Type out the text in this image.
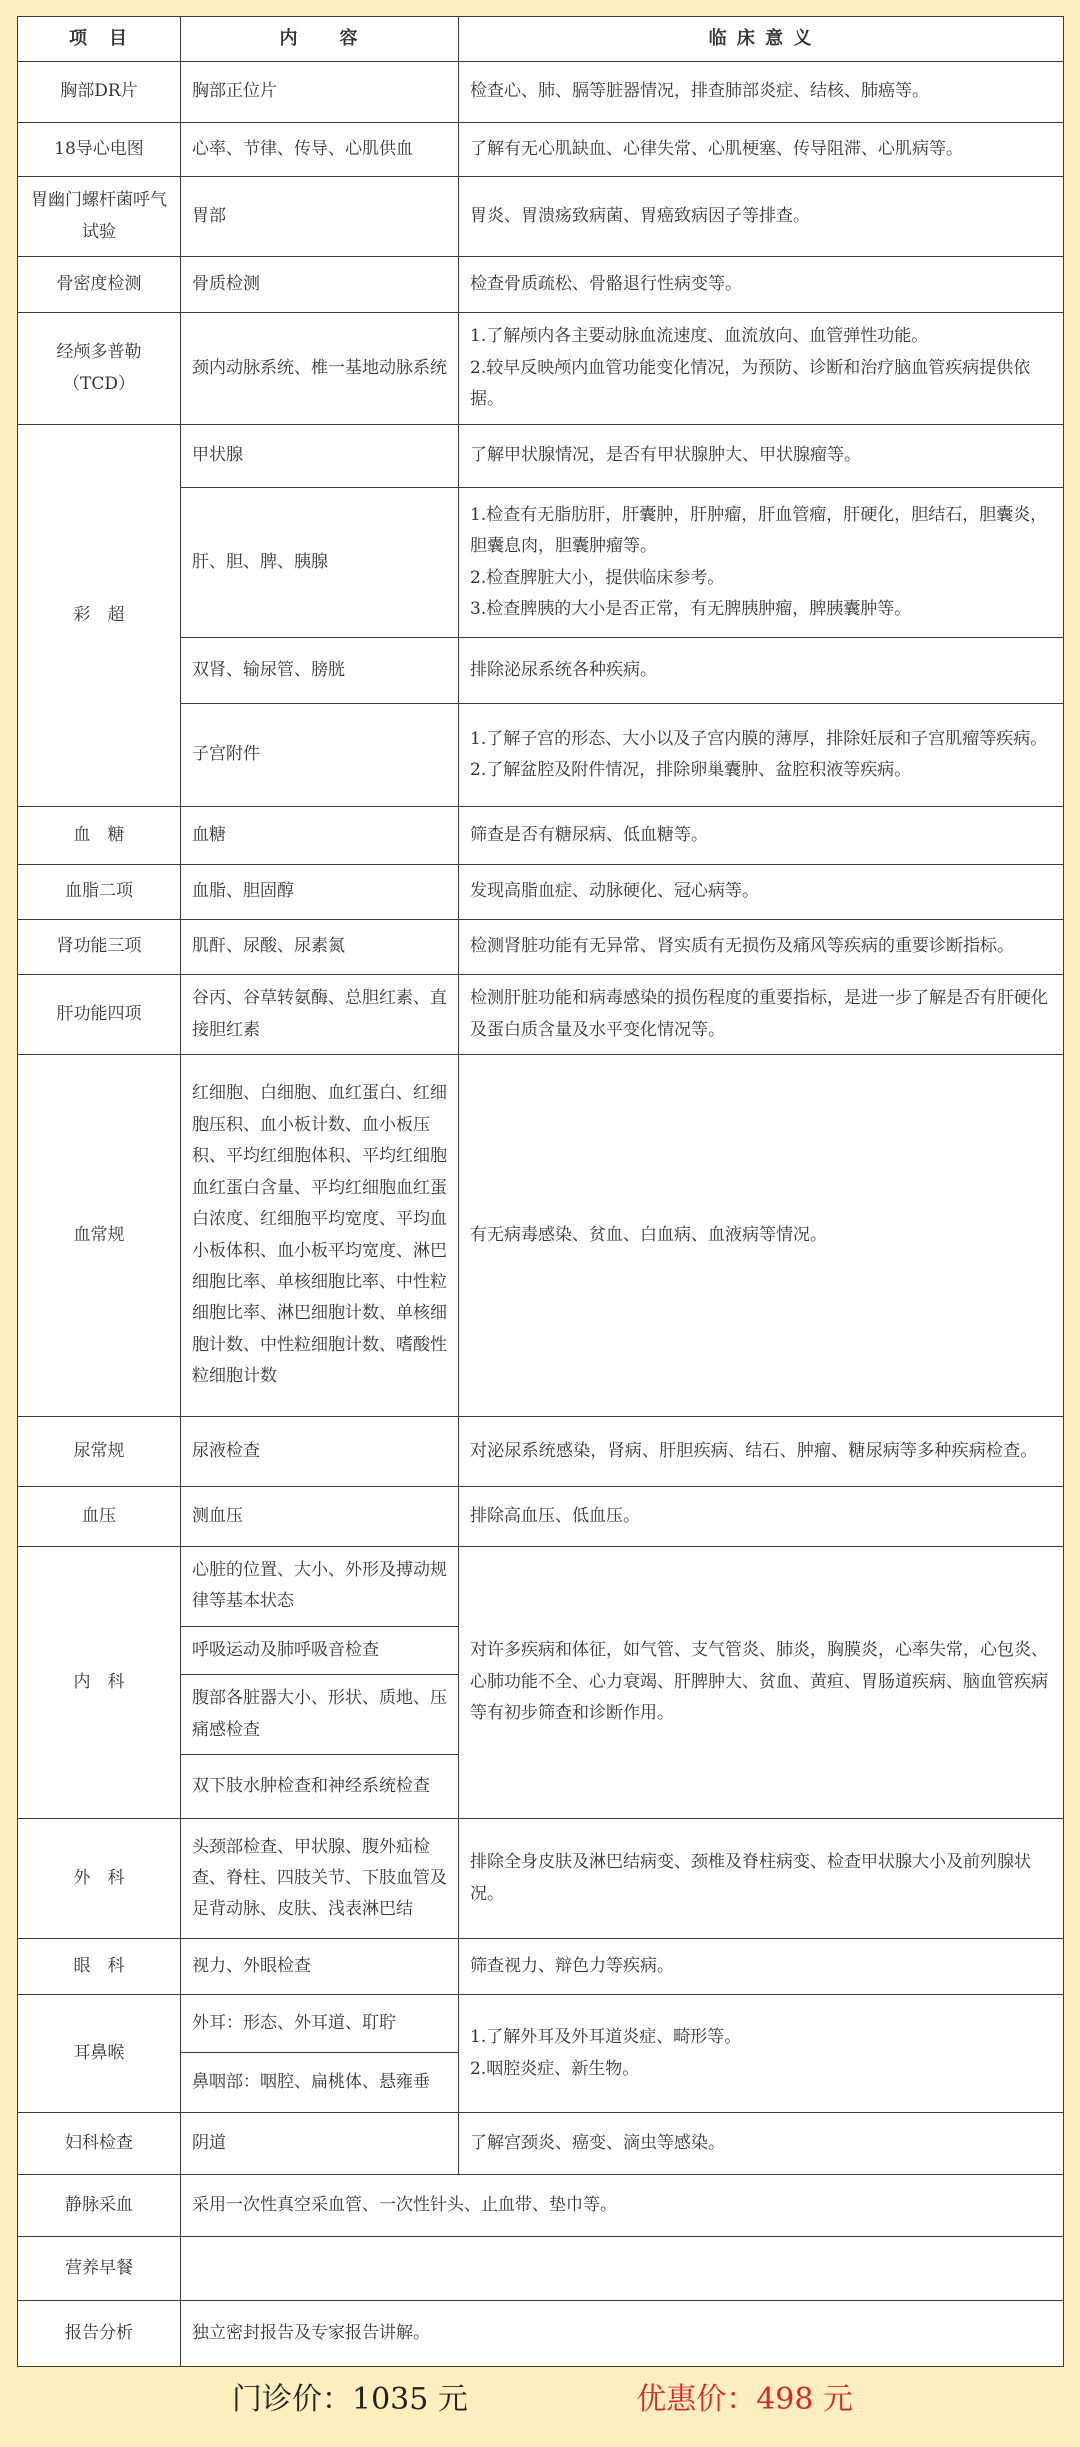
项　目	内　　容	临 床 意 义
胸部DR片	胸部正位片	检查心、肺、膈等脏器情况，排查肺部炎症、结核、肺癌等。
18导心电图	心率、节律、传导、心肌供血	了解有无心肌缺血、心律失常、心肌梗塞、传导阻滞、心肌病等。
胃幽门螺杆菌呼气试验	胃部	胃炎、胃溃疡致病菌、胃癌致病因子等排查。
骨密度检测	骨质检测	检查骨质疏松、骨骼退行性病变等。
经颅多普勒（TCD）	颈内动脉系统、椎一基地动脉系统	1.了解颅内各主要动脉血流速度、血流放向、血管弹性功能。
2.较早反映颅内血管功能变化情况，为预防、诊断和治疗脑血管疾病提供依据。
彩　超	甲状腺	了解甲状腺情况，是否有甲状腺肿大、甲状腺瘤等。
	肝、胆、脾、胰腺	1.检查有无脂肪肝，肝囊肿，肝肿瘤，肝血管瘤，肝硬化，胆结石，胆囊炎，胆囊息肉，胆囊肿瘤等。
2.检查脾脏大小，提供临床参考。
3.检查脾胰的大小是否正常，有无脾胰肿瘤，脾胰囊肿等。
	双肾、输尿管、膀胱	排除泌尿系统各种疾病。
	子宫附件	1.了解子宫的形态、大小以及子宫内膜的薄厚，排除妊辰和子宫肌瘤等疾病。
2.了解盆腔及附件情况，排除卵巢囊肿、盆腔积液等疾病。
血　糖	血糖	筛查是否有糖尿病、低血糖等。
血脂二项	血脂、胆固醇	发现高脂血症、动脉硬化、冠心病等。
肾功能三项	肌酐、尿酸、尿素氮	检测肾脏功能有无异常、肾实质有无损伤及痛风等疾病的重要诊断指标。
肝功能四项	谷丙、谷草转氨酶、总胆红素、直接胆红素	检测肝脏功能和病毒感染的损伤程度的重要指标，是进一步了解是否有肝硬化及蛋白质含量及水平变化情况等。
血常规	红细胞、白细胞、血红蛋白、红细胞压积、血小板计数、血小板压积、平均红细胞体积、平均红细胞血红蛋白含量、平均红细胞血红蛋白浓度、红细胞平均宽度、平均血小板体积、血小板平均宽度、淋巴细胞比率、单核细胞比率、中性粒细胞比率、淋巴细胞计数、单核细胞计数、中性粒细胞计数、嗜酸性粒细胞计数	有无病毒感染、贫血、白血病、血液病等情况。
尿常规	尿液检查	对泌尿系统感染，肾病、肝胆疾病、结石、肿瘤、糖尿病等多种疾病检查。
血压	测血压	排除高血压、低血压。
内　科	心脏的位置、大小、外形及搏动规律等基本状态	对许多疾病和体征，如气管、支气管炎、肺炎，胸膜炎，心率失常，心包炎、心肺功能不全、心力衰竭、肝脾肿大、贫血、黄疸、胃肠道疾病、脑血管疾病等有初步筛查和诊断作用。
	呼吸运动及肺呼吸音检查	
	腹部各脏器大小、形状、质地、压痛感检查	
	双下肢水肿检查和神经系统检查	
外　科	头颈部检查、甲状腺、腹外疝检查、脊柱、四肢关节、下肢血管及足背动脉、皮肤、浅表淋巴结	排除全身皮肤及淋巴结病变、颈椎及脊柱病变、检查甲状腺大小及前列腺状况。
眼　科	视力、外眼检查	筛查视力、辩色力等疾病。
耳鼻喉	外耳：形态、外耳道、耵聍	1.了解外耳及外耳道炎症、畸形等。
2.咽腔炎症、新生物。
	鼻咽部：咽腔、扁桃体、悬雍垂	
妇科检查	阴道	了解宫颈炎、癌变、滴虫等感染。
静脉采血	采用一次性真空采血管、一次性针头、止血带、垫巾等。	
营养早餐		
报告分析	独立密封报告及专家报告讲解。	
门诊价：1035 元	优惠价：498 元
